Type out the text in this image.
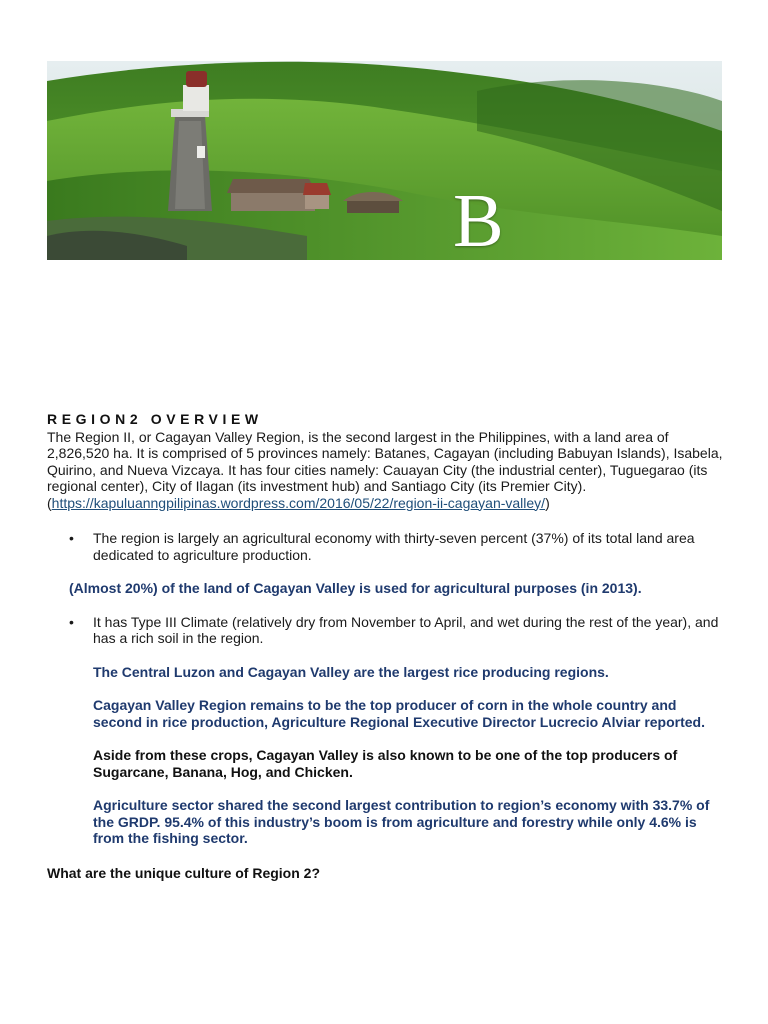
B
REGION2 OVERVIEW

The Region II, or Cagayan Valley Region, is the second largest in the Philippines, with a land area of 2,826,520 ha. It is comprised of 5 provinces namely: Batanes, Cagayan (including Babuyan Islands), Isabela, Quirino, and Nueva Vizcaya. It has four cities namely: Cauayan City (the industrial center), Tuguegarao (its regional center), City of Ilagan (its investment hub) and Santiago City (its Premier City). (https://kapuluanngpilipinas.wordpress.com/2016/05/22/region-ii-cagayan-valley/)

• The region is largely an agricultural economy with thirty-seven percent (37%) of its total land area dedicated to agriculture production.
(Almost 20%) of the land of Cagayan Valley is used for agricultural purposes (in 2013).
• It has Type III Climate (relatively dry from November to April, and wet during the rest of the year), and has a rich soil in the region.
The Central Luzon and Cagayan Valley are the largest rice producing regions.
Cagayan Valley Region remains to be the top producer of corn in the whole country and second in rice production, Agriculture Regional Executive Director Lucrecio Alviar reported.
Aside from these crops, Cagayan Valley is also known to be one of the top producers of Sugarcane, Banana, Hog, and Chicken.
Agriculture sector shared the second largest contribution to region’s economy with 33.7% of the GRDP. 95.4% of this industry’s boom is from agriculture and forestry while only 4.6% is from the fishing sector.
What are the unique culture of Region 2?
